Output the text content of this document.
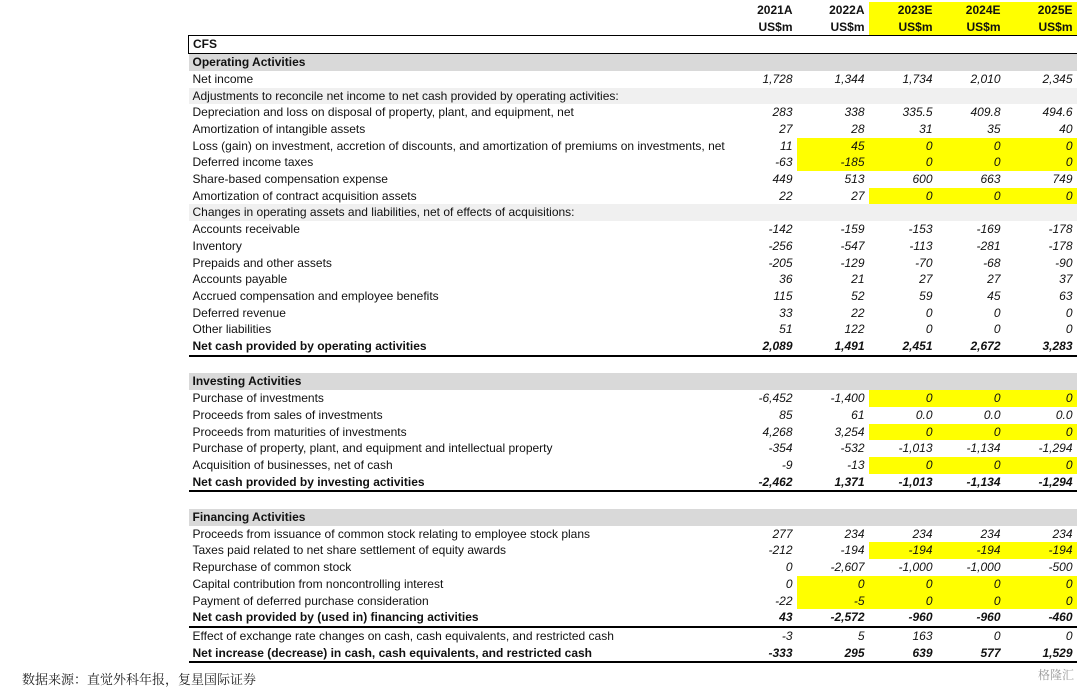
	2021A	2022A	2023E	2024E	2025E
	US$m	US$m	US$m	US$m	US$m
CFS					
Operating Activities					
Net income	1,728	1,344	1,734	2,010	2,345
Adjustments to reconcile net income to net cash provided by operating activities:					
Depreciation and loss on disposal of property, plant, and equipment, net	283	338	335.5	409.8	494.6
Amortization of intangible assets	27	28	31	35	40
Loss (gain) on investment, accretion of discounts, and amortization of premiums on investments, net	11	45	0	0	0
Deferred income taxes	-63	-185	0	0	0
Share-based compensation expense	449	513	600	663	749
Amortization of contract acquisition assets	22	27	0	0	0
Changes in operating assets and liabilities, net of effects of acquisitions:					
Accounts receivable	-142	-159	-153	-169	-178
Inventory	-256	-547	-113	-281	-178
Prepaids and other assets	-205	-129	-70	-68	-90
Accounts payable	36	21	27	27	37
Accrued compensation and employee benefits	115	52	59	45	63
Deferred revenue	33	22	0	0	0
Other liabilities	51	122	0	0	0
Net cash provided by operating activities	2,089	1,491	2,451	2,672	3,283

Investing Activities					
Purchase of investments	-6,452	-1,400	0	0	0
Proceeds from sales of investments	85	61	0.0	0.0	0.0
Proceeds from maturities of investments	4,268	3,254	0	0	0
Purchase of property, plant, and equipment and intellectual property	-354	-532	-1,013	-1,134	-1,294
Acquisition of businesses, net of cash	-9	-13	0	0	0
Net cash provided by investing activities	-2,462	1,371	-1,013	-1,134	-1,294

Financing Activities					
Proceeds from issuance of common stock relating to employee stock plans	277	234	234	234	234
Taxes paid related to net share settlement of equity awards	-212	-194	-194	-194	-194
Repurchase of common stock	0	-2,607	-1,000	-1,000	-500
Capital contribution from noncontrolling interest	0	0	0	0	0
Payment of deferred purchase consideration	-22	-5	0	0	0
Net cash provided by (used in) financing activities	43	-2,572	-960	-960	-460
Effect of exchange rate changes on cash, cash equivalents, and restricted cash	-3	5	163	0	0
Net increase (decrease) in cash, cash equivalents, and restricted cash	-333	295	639	577	1,529
数据来源：直觉外科年报，复星国际证券	格隆汇
